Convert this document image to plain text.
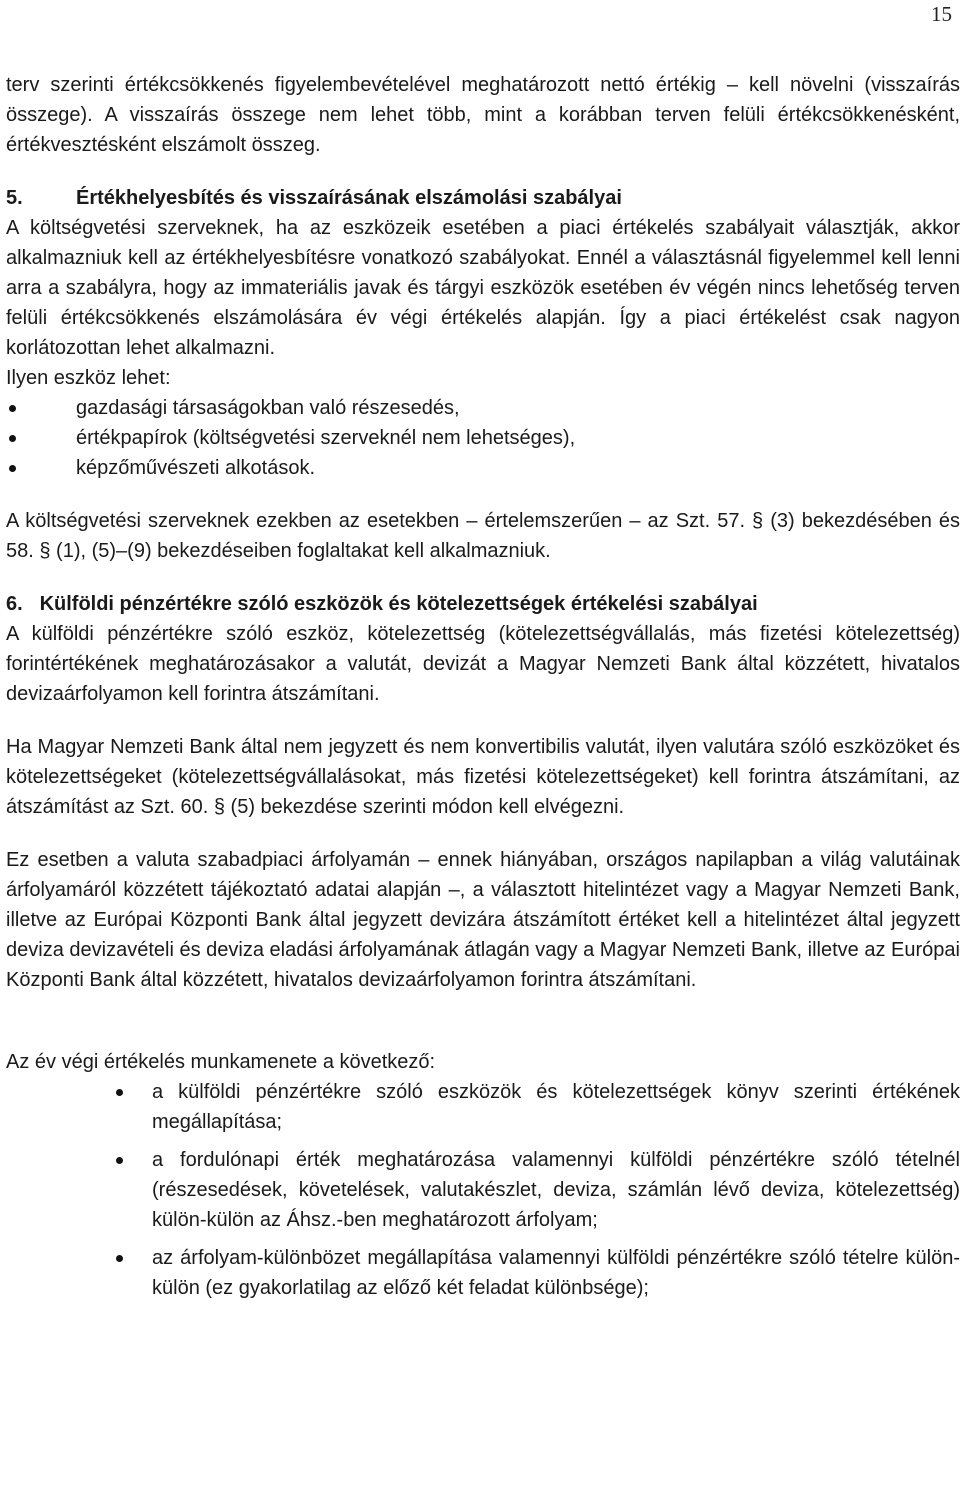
15

terv szerinti értékcsökkenés figyelembevételével meghatározott nettó értékig – kell növelni (visszaírás összege). A visszaírás összege nem lehet több, mint a korábban terven felüli értékcsökkenésként, értékvesztésként elszámolt összeg.

5.	Értékhelyesbítés és visszaírásának elszámolási szabályai

A költségvetési szerveknek, ha az eszközeik esetében a piaci értékelés szabályait választják, akkor alkalmazniuk kell az értékhelyesbítésre vonatkozó szabályokat. Ennél a választásnál figyelemmel kell lenni arra a szabályra, hogy az immateriális javak és tárgyi eszközök esetében év végén nincs lehetőség terven felüli értékcsökkenés elszámolására év végi értékelés alapján. Így a piaci értékelést csak nagyon korlátozottan lehet alkalmazni.

Ilyen eszköz lehet:

gazdasági társaságokban való részesedés,
értékpapírok (költségvetési szerveknél nem lehetséges),
képzőművészeti alkotások.

A költségvetési szerveknek ezekben az esetekben – értelemszerűen – az Szt. 57. § (3) bekezdésében és 58. § (1), (5)–(9) bekezdéseiben foglaltakat kell alkalmazniuk.

6. Külföldi pénzértékre szóló eszközök és kötelezettségek értékelési szabályai

A külföldi pénzértékre szóló eszköz, kötelezettség (kötelezettségvállalás, más fizetési kötelezettség) forintértékének meghatározásakor a valutát, devizát a Magyar Nemzeti Bank által közzétett, hivatalos devizaárfolyamon kell forintra átszámítani.

Ha Magyar Nemzeti Bank által nem jegyzett és nem konvertibilis valutát, ilyen valutára szóló eszközöket és kötelezettségeket (kötelezettségvállalásokat, más fizetési kötelezettségeket) kell forintra átszámítani, az átszámítást az Szt. 60. § (5) bekezdése szerinti módon kell elvégezni.

Ez esetben a valuta szabadpiaci árfolyamán – ennek hiányában, országos napilapban a világ valutáinak árfolyamáról közzétett tájékoztató adatai alapján –, a választott hitelintézet vagy a Magyar Nemzeti Bank, illetve az Európai Központi Bank által jegyzett devizára átszámított értéket kell a hitelintézet által jegyzett deviza devizavételi és deviza eladási árfolyamának átlagán vagy a Magyar Nemzeti Bank, illetve az Európai Központi Bank által közzétett, hivatalos devizaárfolyamon forintra átszámítani.

Az év végi értékelés munkamenete a következő:

a külföldi pénzértékre szóló eszközök és kötelezettségek könyv szerinti értékének megállapítása;
a fordulónapi érték meghatározása valamennyi külföldi pénzértékre szóló tételnél (részesedések, követelések, valutakészlet, deviza, számlán lévő deviza, kötelezettség) külön-külön az Áhsz.-ben meghatározott árfolyam;
az árfolyam-különbözet megállapítása valamennyi külföldi pénzértékre szóló tételre külön-külön (ez gyakorlatilag az előző két feladat különbsége);
